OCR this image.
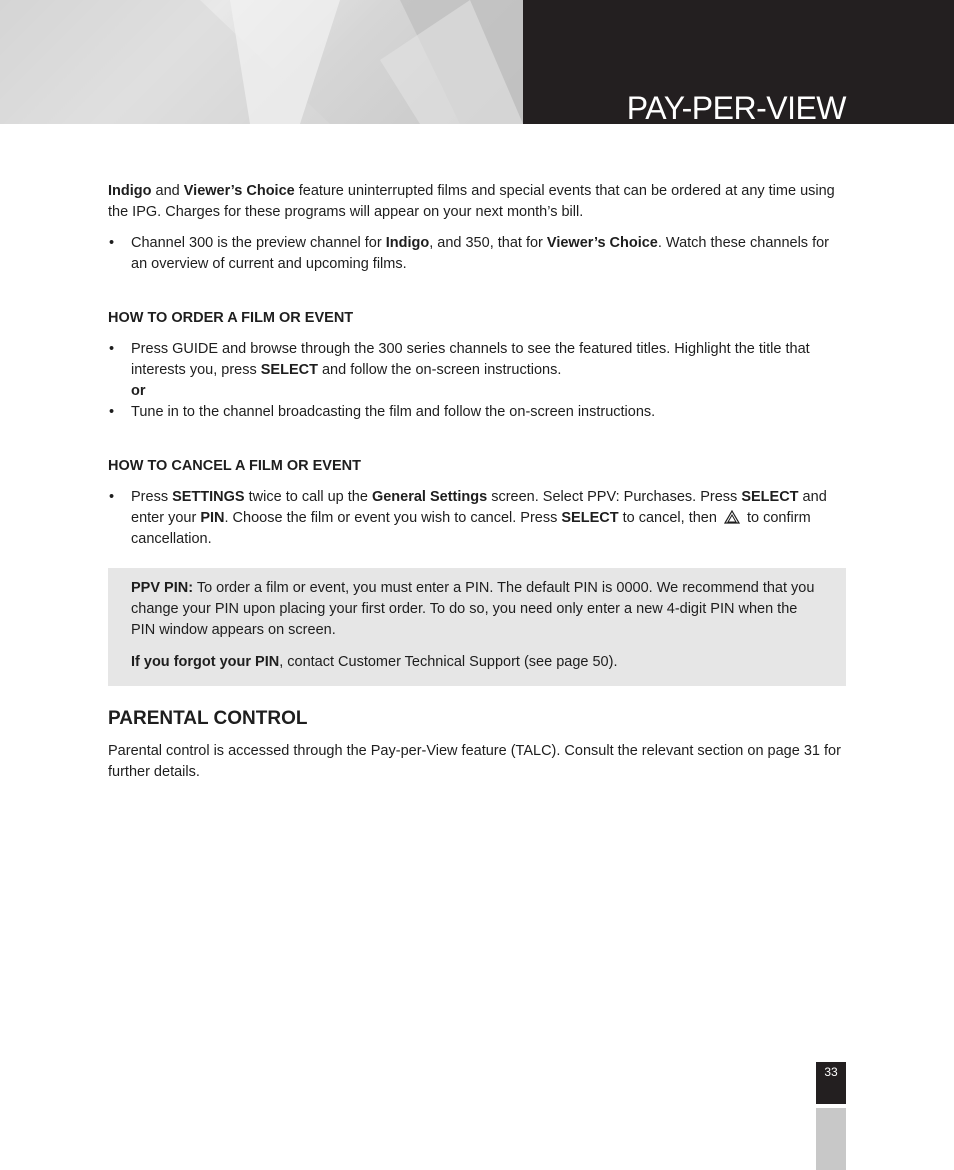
PAY-PER-VIEW

Indigo and Viewer’s Choice feature uninterrupted films and special events that can be ordered at any time using the IPG. Charges for these programs will appear on your next month’s bill.

• Channel 300 is the preview channel for Indigo, and 350, that for Viewer’s Choice. Watch these channels for an overview of current and upcoming films.
HOW TO ORDER A FILM OR EVENT
• Press GUIDE and browse through the 300 series channels to see the featured titles. Highlight the title that interests you, press SELECT and follow the on-screen instructions.
or
• Tune in to the channel broadcasting the film and follow the on-screen instructions.
HOW TO CANCEL A FILM OR EVENT
• Press SETTINGS twice to call up the General Settings screen. Select PPV: Purchases. Press SELECT and enter your PIN. Choose the film or event you wish to cancel. Press SELECT to cancel, then  to confirm cancellation.

PPV PIN: To order a film or event, you must enter a PIN. The default PIN is 0000. We recommend that you change your PIN upon placing your first order. To do so, you need only enter a new 4-digit PIN when the PIN window appears on screen.

If you forgot your PIN, contact Customer Technical Support (see page 50).

PARENTAL CONTROL

Parental control is accessed through the Pay-per-View feature (TALC). Consult the relevant section on page 31 for further details.

33
